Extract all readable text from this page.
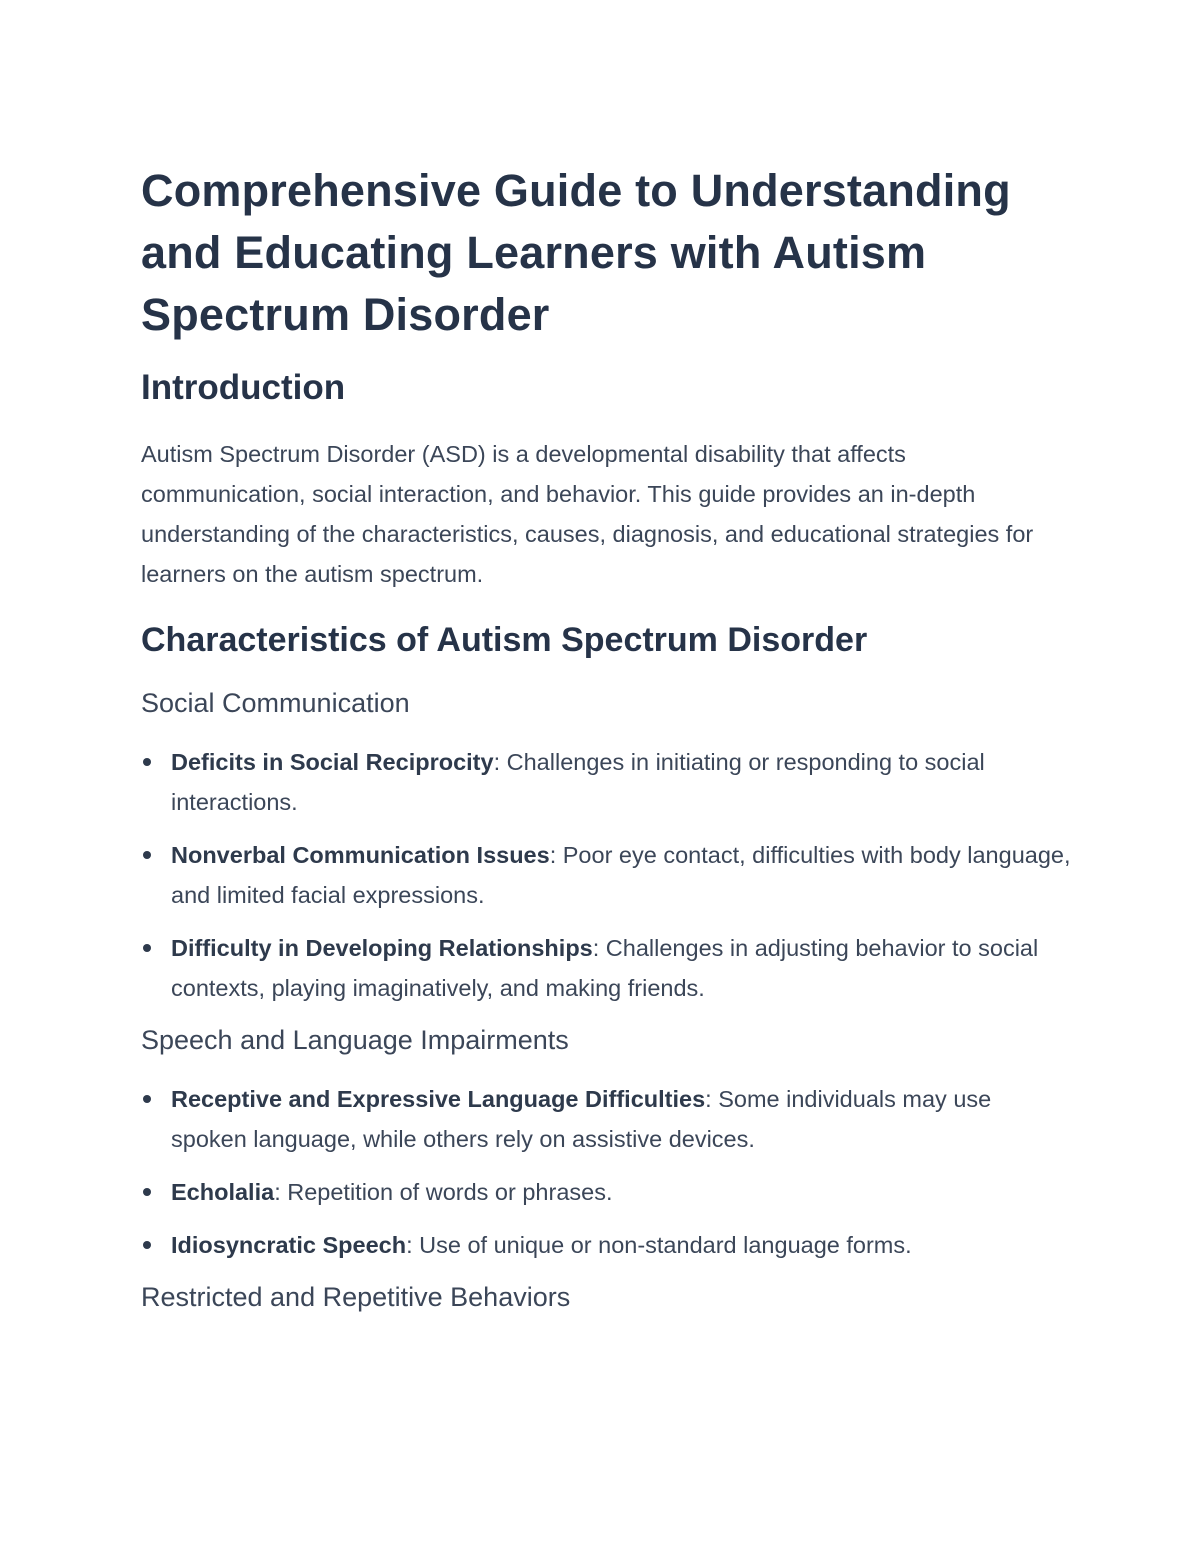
Comprehensive Guide to Understanding and Educating Learners with Autism Spectrum Disorder
Introduction

Autism Spectrum Disorder (ASD) is a developmental disability that affects communication, social interaction, and behavior. This guide provides an in-depth understanding of the characteristics, causes, diagnosis, and educational strategies for learners on the autism spectrum.

Characteristics of Autism Spectrum Disorder
Social Communication
Deficits in Social Reciprocity: Challenges in initiating or responding to social interactions.
Nonverbal Communication Issues: Poor eye contact, difficulties with body language, and limited facial expressions.
Difficulty in Developing Relationships: Challenges in adjusting behavior to social contexts, playing imaginatively, and making friends.
Speech and Language Impairments
Receptive and Expressive Language Difficulties: Some individuals may use spoken language, while others rely on assistive devices.
Echolalia: Repetition of words or phrases.
Idiosyncratic Speech: Use of unique or non-standard language forms.
Restricted and Repetitive Behaviors
